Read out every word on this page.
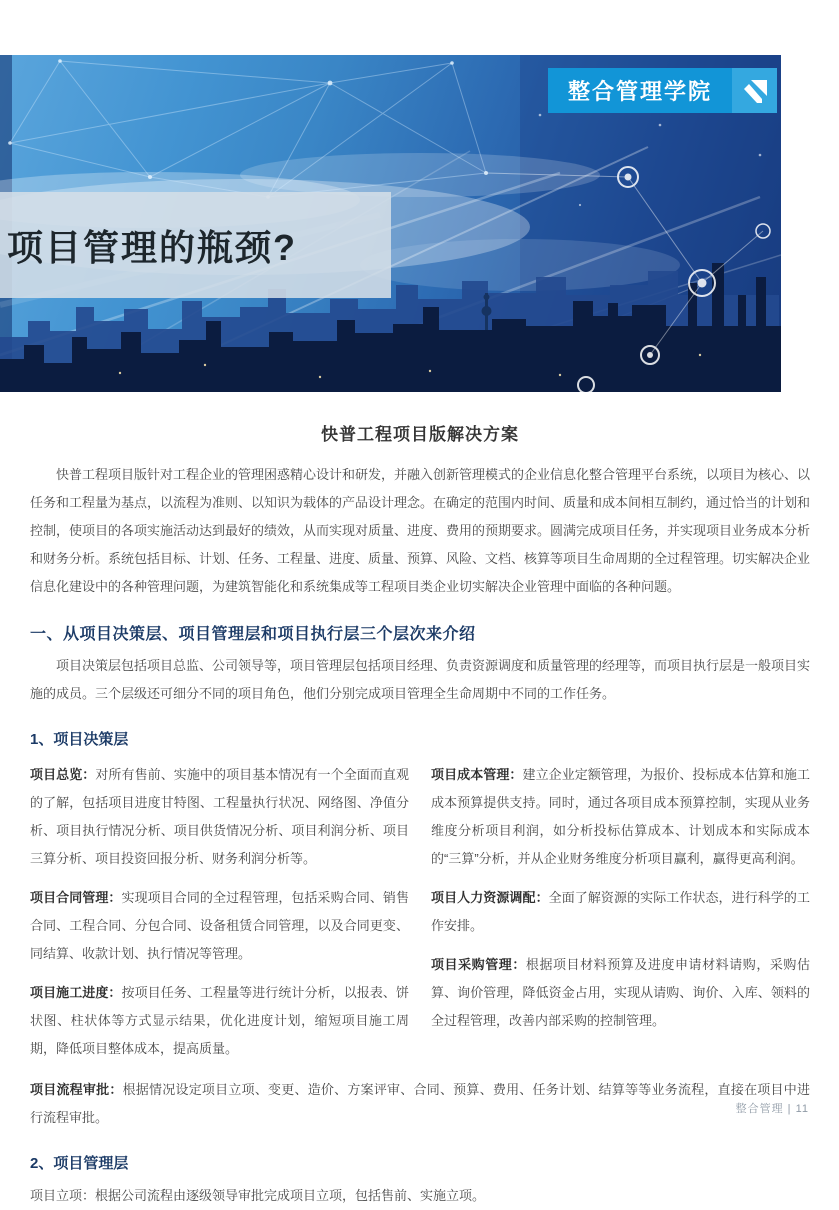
项目管理的瓶颈?
整合管理学院
快普工程项目版解决方案

快普工程项目版针对工程企业的管理困惑精心设计和研发，并融入创新管理模式的企业信息化整合管理平台系统，以项目为核心、以任务和工程量为基点，以流程为准则、以知识为载体的产品设计理念。在确定的范围内时间、质量和成本间相互制约，通过恰当的计划和控制，使项目的各项实施活动达到最好的绩效，从而实现对质量、进度、费用的预期要求。圆满完成项目任务，并实现项目业务成本分析和财务分析。系统包括目标、计划、任务、工程量、进度、质量、预算、风险、文档、核算等项目生命周期的全过程管理。切实解决企业信息化建设中的各种管理问题，为建筑智能化和系统集成等工程项目类企业切实解决企业管理中面临的各种问题。

一、从项目决策层、项目管理层和项目执行层三个层次来介绍

项目决策层包括项目总监、公司领导等，项目管理层包括项目经理、负责资源调度和质量管理的经理等，而项目执行层是一般项目实施的成员。三个层级还可细分不同的项目角色，他们分别完成项目管理全生命周期中不同的工作任务。

1、项目决策层

项目总览：对所有售前、实施中的项目基本情况有一个全面而直观的了解，包括项目进度甘特图、工程量执行状况、网络图、净值分析、项目执行情况分析、项目供货情况分析、项目利润分析、项目三算分析、项目投资回报分析、财务利润分析等。

项目合同管理：实现项目合同的全过程管理，包括采购合同、销售合同、工程合同、分包合同、设备租赁合同管理，以及合同更变、同结算、收款计划、执行情况等管理。

项目施工进度：按项目任务、工程量等进行统计分析，以报表、饼状图、柱状体等方式显示结果，优化进度计划，缩短项目施工周期，降低项目整体成本，提高质量。

项目成本管理：建立企业定额管理，为报价、投标成本估算和施工成本预算提供支持。同时，通过各项目成本预算控制，实现从业务维度分析项目利润，如分析投标估算成本、计划成本和实际成本的“三算”分析，并从企业财务维度分析项目赢利，赢得更高利润。

项目人力资源调配：全面了解资源的实际工作状态，进行科学的工作安排。

项目采购管理：根据项目材料预算及进度申请材料请购，采购估算、询价管理，降低资金占用，实现从请购、询价、入库、领料的全过程管理，改善内部采购的控制管理。

项目流程审批：根据情况设定项目立项、变更、造价、方案评审、合同、预算、费用、任务计划、结算等等业务流程，直接在项目中进行流程审批。

2、项目管理层

项目立项：根据公司流程由逐级领导审批完成项目立项，包括售前、实施立项。

整合管理 | 11
